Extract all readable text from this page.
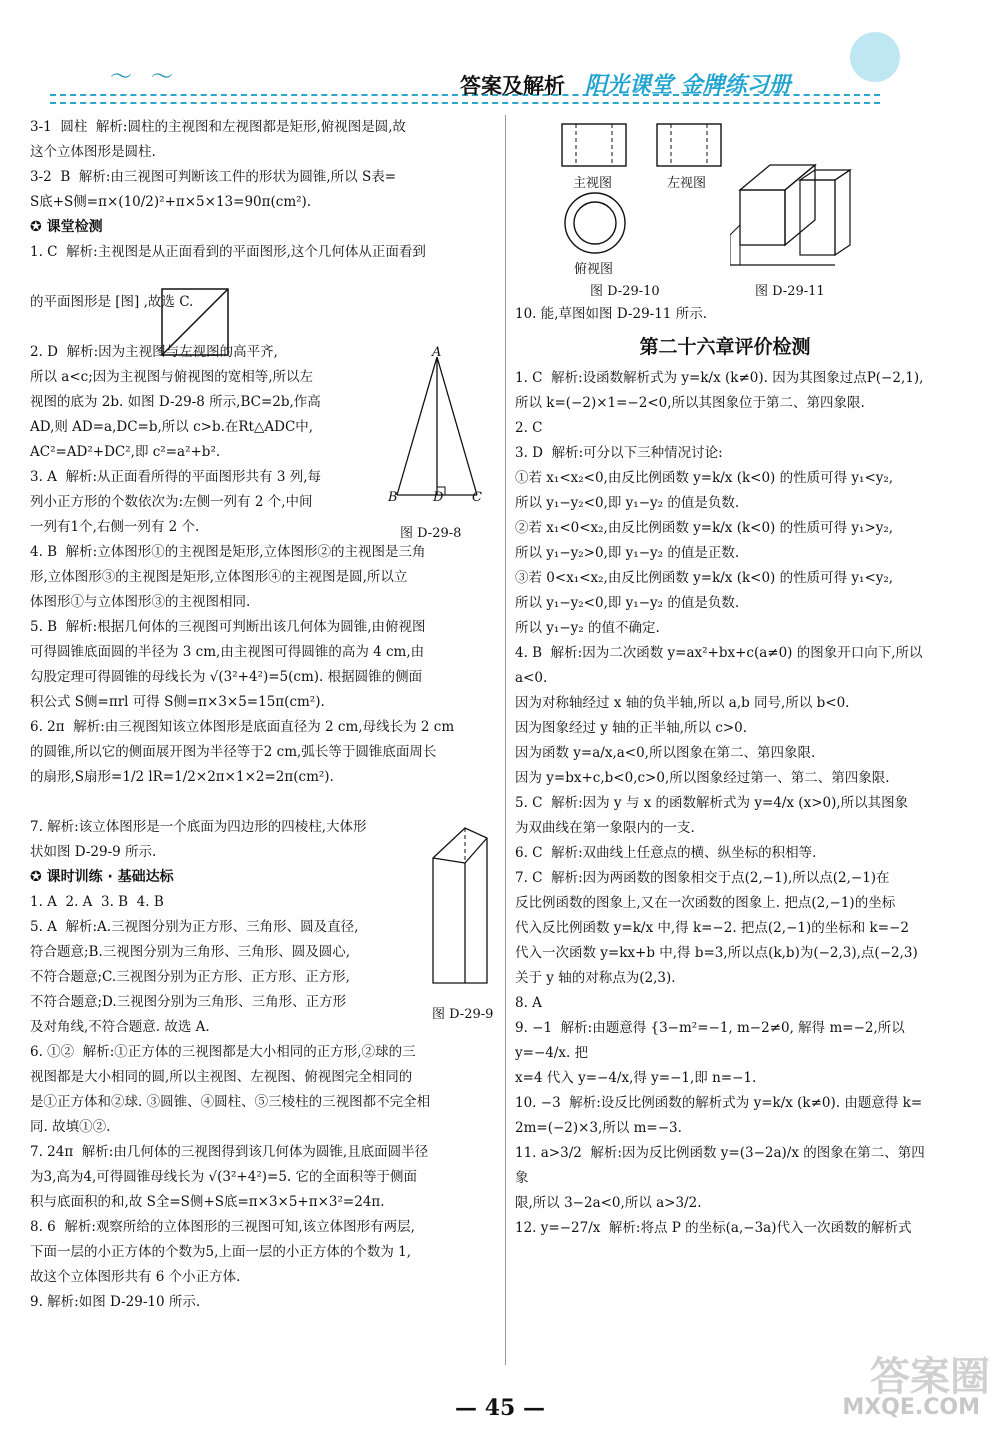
〜 〜	答案及解析 阳光课堂 金牌练习册

3-1  圆柱  解析:圆柱的主视图和左视图都是矩形,俯视图是圆,故

这个立体图形是圆柱.

3-2  B  解析:由三视图可判断该工件的形状为圆锥,所以 S表=

S底+S侧=π×(10/2)²+π×5×13=90π(cm²).

✪ 课堂检测

1. C  解析:主视图是从正面看到的平面图形,这个几何体从正面看到

的平面图形是 [图] ,故选 C.

2. D  解析:因为主视图与左视图的高平齐,

所以 a<c;因为主视图与俯视图的宽相等,所以左

视图的底为 2b. 如图 D-29-8 所示,BC=2b,作高

AD,则 AD=a,DC=b,所以 c>b.在Rt△ADC中,

AC²=AD²+DC²,即 c²=a²+b².

3. A  解析:从正面看所得的平面图形共有 3 列,每

列小正方形的个数依次为:左侧一列有 2 个,中间

一列有1个,右侧一列有 2 个.

4. B  解析:立体图形①的主视图是矩形,立体图形②的主视图是三角

形,立体图形③的主视图是矩形,立体图形④的主视图是圆,所以立

体图形①与立体图形③的主视图相同.

5. B  解析:根据几何体的三视图可判断出该几何体为圆锥,由俯视图

可得圆锥底面圆的半径为 3 cm,由主视图可得圆锥的高为 4 cm,由

勾股定理可得圆锥的母线长为 √(3²+4²)=5(cm). 根据圆锥的侧面

积公式 S侧=πrl 可得 S侧=π×3×5=15π(cm²).

6. 2π  解析:由三视图知该立体图形是底面直径为 2 cm,母线长为 2 cm

的圆锥,所以它的侧面展开图为半径等于2 cm,弧长等于圆锥底面周长

的扇形,S扇形=1/2 lR=1/2×2π×1×2=2π(cm²).

7. 解析:该立体图形是一个底面为四边形的四棱柱,大体形

状如图 D-29-9 所示.

✪ 课时训练 · 基础达标

1. A  2. A  3. B  4. B

5. A  解析:A.三视图分别为正方形、三角形、圆及直径,

符合题意;B.三视图分别为三角形、三角形、圆及圆心,

不符合题意;C.三视图分别为正方形、正方形、正方形,

不符合题意;D.三视图分别为三角形、三角形、正方形

及对角线,不符合题意. 故选 A.

6. ①②  解析:①正方体的三视图都是大小相同的正方形,②球的三

视图都是大小相同的圆,所以主视图、左视图、俯视图完全相同的

是①正方体和②球. ③圆锥、④圆柱、⑤三棱柱的三视图都不完全相

同. 故填①②.

7. 24π  解析:由几何体的三视图得到该几何体为圆锥,且底面圆半径

为3,高为4,可得圆锥母线长为 √(3²+4²)=5. 它的全面积等于侧面

积与底面积的和,故 S全=S侧+S底=π×3×5+π×3²=24π.

8. 6  解析:观察所给的立体图形的三视图可知,该立体图形有两层,

下面一层的小正方体的个数为5,上面一层的小正方体的个数为 1,

故这个立体图形共有 6 个小正方体.

9. 解析:如图 D-29-10 所示.

A
B	D C
图 D-29-8
图 D-29-9
主视图	左视图
俯视图
图 D-29-10	图 D-29-11

10. 能,草图如图 D-29-11 所示.

第二十六章评价检测

1. C  解析:设函数解析式为 y=k/x (k≠0). 因为其图象过点P(−2,1),

所以 k=(−2)×1=−2<0,所以其图象位于第二、第四象限.

2. C

3. D  解析:可分以下三种情况讨论:

①若 x₁<x₂<0,由反比例函数 y=k/x (k<0) 的性质可得 y₁<y₂,

所以 y₁−y₂<0,即 y₁−y₂ 的值是负数.

②若 x₁<0<x₂,由反比例函数 y=k/x (k<0) 的性质可得 y₁>y₂,

所以 y₁−y₂>0,即 y₁−y₂ 的值是正数.

③若 0<x₁<x₂,由反比例函数 y=k/x (k<0) 的性质可得 y₁<y₂,

所以 y₁−y₂<0,即 y₁−y₂ 的值是负数.

所以 y₁−y₂ 的值不确定.

4. B  解析:因为二次函数 y=ax²+bx+c(a≠0) 的图象开口向下,所以

a<0.

因为对称轴经过 x 轴的负半轴,所以 a,b 同号,所以 b<0.

因为图象经过 y 轴的正半轴,所以 c>0.

因为函数 y=a/x,a<0,所以图象在第二、第四象限.

因为 y=bx+c,b<0,c>0,所以图象经过第一、第二、第四象限.

5. C  解析:因为 y 与 x 的函数解析式为 y=4/x (x>0),所以其图象

为双曲线在第一象限内的一支.

6. C  解析:双曲线上任意点的横、纵坐标的积相等.

7. C  解析:因为两函数的图象相交于点(2,−1),所以点(2,−1)在

反比例函数的图象上,又在一次函数的图象上. 把点(2,−1)的坐标

代入反比例函数 y=k/x 中,得 k=−2. 把点(2,−1)的坐标和 k=−2

代入一次函数 y=kx+b 中,得 b=3,所以点(k,b)为(−2,3),点(−2,3)

关于 y 轴的对称点为(2,3).

8. A

9. −1  解析:由题意得 {3−m²=−1, m−2≠0, 解得 m=−2,所以 y=−4/x. 把

x=4 代入 y=−4/x,得 y=−1,即 n=−1.

10. −3  解析:设反比例函数的解析式为 y=k/x (k≠0). 由题意得 k=

2m=(−2)×3,所以 m=−3.

11. a>3/2  解析:因为反比例函数 y=(3−2a)/x 的图象在第二、第四象

限,所以 3−2a<0,所以 a>3/2.

12. y=−27/x  解析:将点 P 的坐标(a,−3a)代入一次函数的解析式

— 45 —
答案圈
MXQE.COM
